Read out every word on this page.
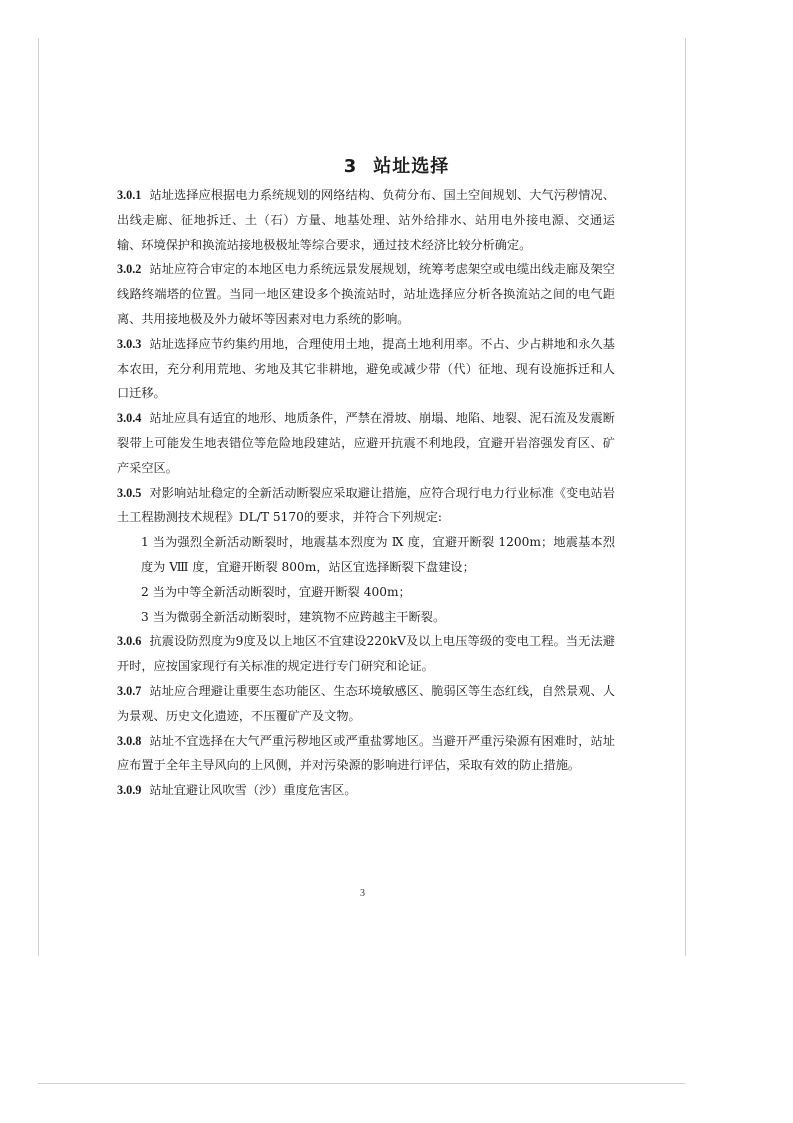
3 站址选择

3.0.1 站址选择应根据电力系统规划的网络结构、负荷分布、国土空间规划、大气污秽情况、出线走廊、征地拆迁、土（石）方量、地基处理、站外给排水、站用电外接电源、交通运输、环境保护和换流站接地极极址等综合要求，通过技术经济比较分析确定。

3.0.2 站址应符合审定的本地区电力系统远景发展规划，统筹考虑架空或电缆出线走廊及架空线路终端塔的位置。当同一地区建设多个换流站时，站址选择应分析各换流站之间的电气距离、共用接地极及外力破坏等因素对电力系统的影响。

3.0.3 站址选择应节约集约用地，合理使用土地，提高土地利用率。不占、少占耕地和永久基本农田，充分利用荒地、劣地及其它非耕地，避免或减少带（代）征地、现有设施拆迁和人口迁移。

3.0.4 站址应具有适宜的地形、地质条件，严禁在滑坡、崩塌、地陷、地裂、泥石流及发震断裂带上可能发生地表错位等危险地段建站，应避开抗震不利地段，宜避开岩溶强发育区、矿产采空区。

3.0.5 对影响站址稳定的全新活动断裂应采取避让措施，应符合现行电力行业标准《变电站岩土工程勘测技术规程》DL/T 5170的要求，并符合下列规定:

1 当为强烈全新活动断裂时，地震基本烈度为 Ⅸ 度，宜避开断裂 1200m；地震基本烈度为 Ⅷ 度，宜避开断裂 800m，站区宜选择断裂下盘建设；

2 当为中等全新活动断裂时，宜避开断裂 400m；

3 当为微弱全新活动断裂时，建筑物不应跨越主干断裂。

3.0.6 抗震设防烈度为9度及以上地区不宜建设220kV及以上电压等级的变电工程。当无法避开时，应按国家现行有关标准的规定进行专门研究和论证。

3.0.7 站址应合理避让重要生态功能区、生态环境敏感区、脆弱区等生态红线，自然景观、人为景观、历史文化遗迹，不压覆矿产及文物。

3.0.8 站址不宜选择在大气严重污秽地区或严重盐雾地区。当避开严重污染源有困难时，站址应布置于全年主导风向的上风侧，并对污染源的影响进行评估，采取有效的防止措施。

3.0.9 站址宜避让风吹雪（沙）重度危害区。

3
